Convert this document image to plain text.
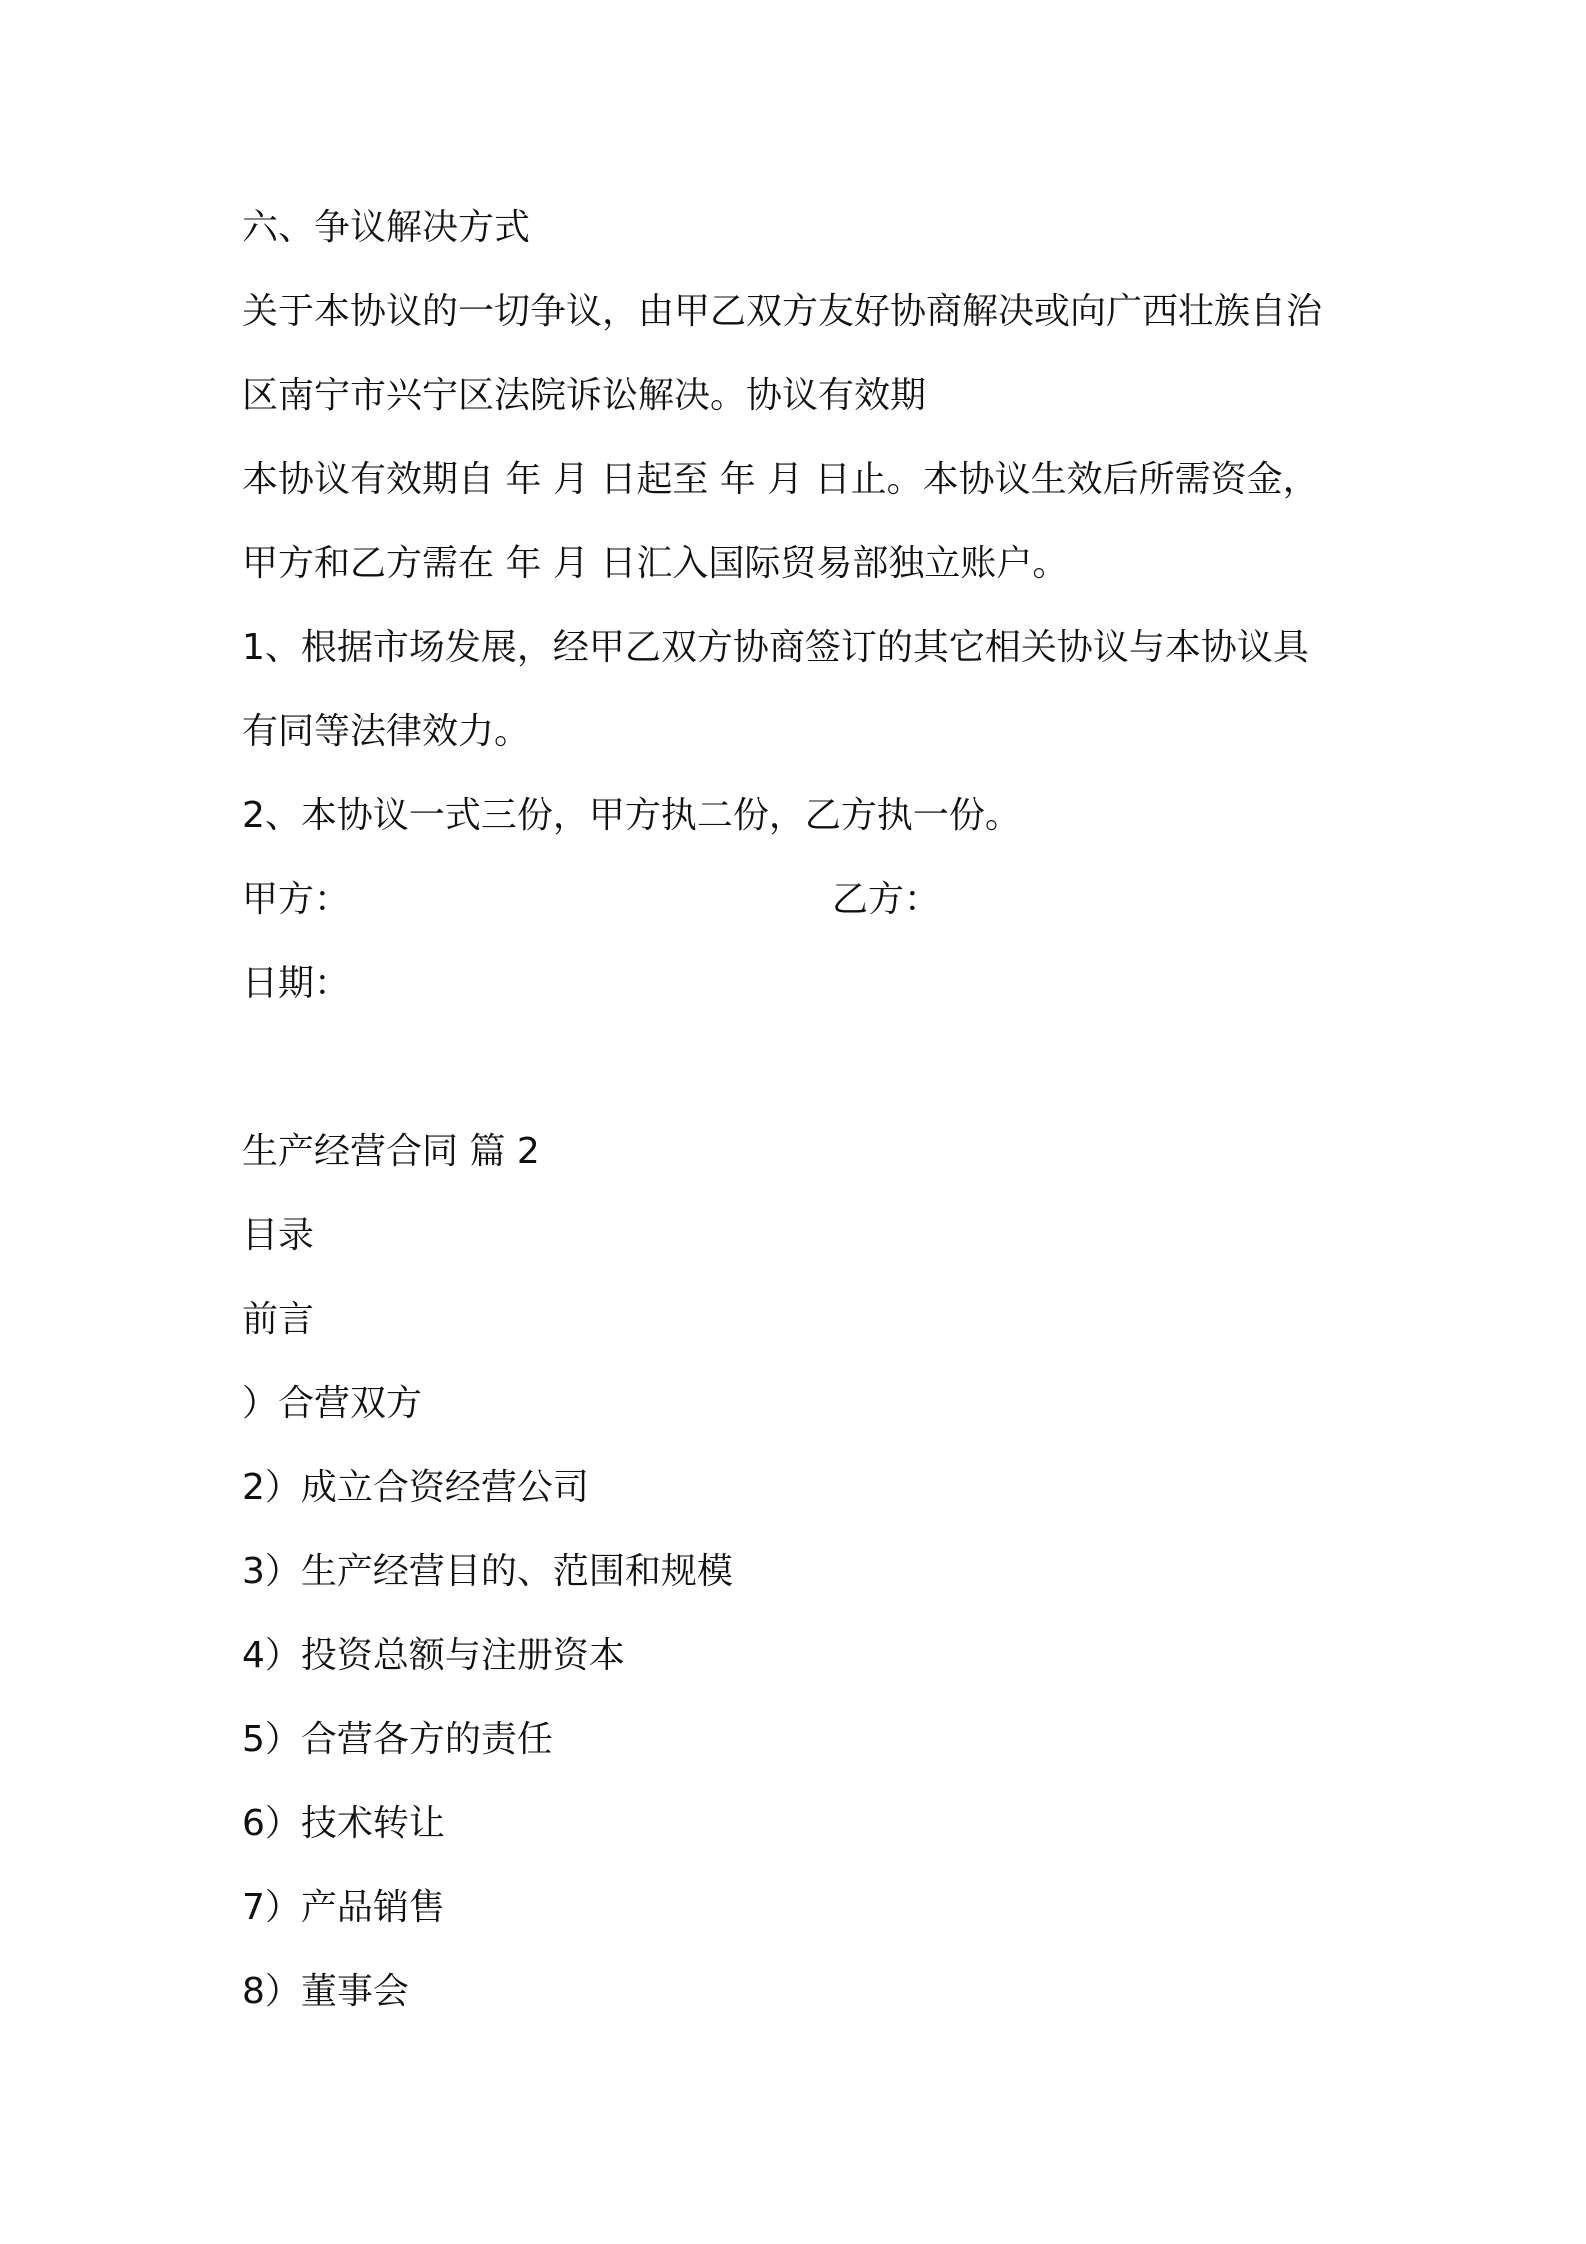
六、争议解决方式
关于本协议的一切争议，由甲乙双方友好协商解决或向广西壮族自治
区南宁市兴宁区法院诉讼解决。协议有效期
本协议有效期自 年 月 日起至 年 月 日止。本协议生效后所需资金，
甲方和乙方需在 年 月 日汇入国际贸易部独立账户。
1、根据市场发展，经甲乙双方协商签订的其它相关协议与本协议具
有同等法律效力。
2、本协议一式三份，甲方执二份，乙方执一份。
甲方：	乙方：
日期：
生产经营合同 篇 2
目录
前言
）合营双方
2）成立合资经营公司
3）生产经营目的、范围和规模
4）投资总额与注册资本
5）合营各方的责任
6）技术转让
7）产品销售
8）董事会
